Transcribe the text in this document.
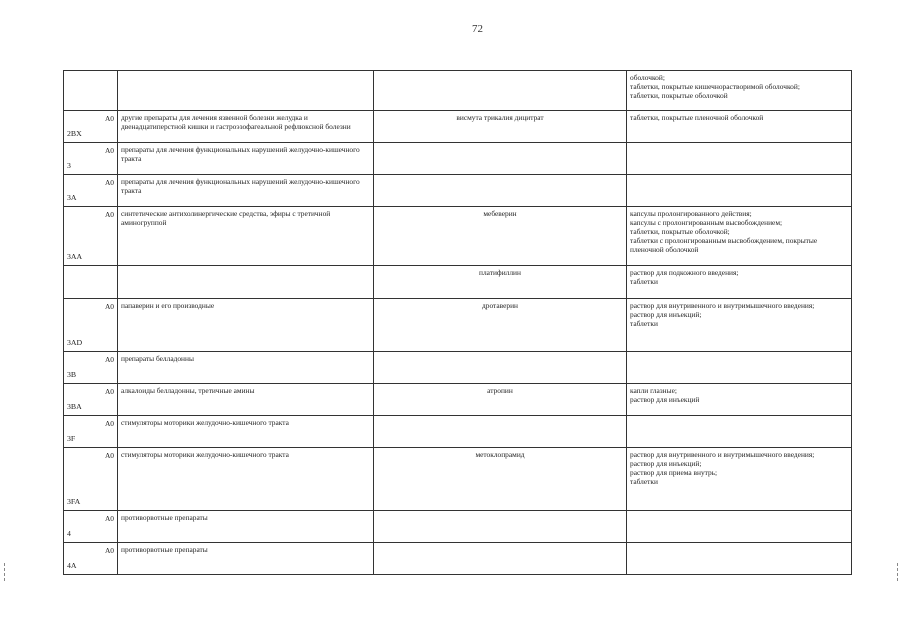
72

			оболочкой;
таблетки, покрытые кишечнорастворимой оболочкой;
таблетки, покрытые оболочкой

A0
2BX	другие препараты для лечения язвенной болезни желудка и двенадцатиперстной кишки и гастроэзофагеальной рефлюксной болезни	висмута трикалия дицитрат	таблетки, покрытые пленочной оболочкой

A0
3	препараты для лечения функциональных нарушений желудочно-кишечного тракта		

A0
3A	препараты для лечения функциональных нарушений желудочно-кишечного тракта		

A0
3AA	синтетические антихолинергические средства, эфиры с третичной аминогруппой	мебеверин	капсулы пролонгированного действия;
капсулы с пролонгированным высвобождением;
таблетки, покрытые оболочкой;
таблетки с пролонгированным высвобождением, покрытые пленочной оболочкой

		платифиллин	раствор для подкожного введения;
таблетки

A0
3AD	папаверин и его производные	дротаверин	раствор для внутривенного и внутримышечного введения;
раствор для инъекций;
таблетки

A0
3B	препараты белладонны		

A0
3BA	алкалоиды белладонны, третичные амины	атропин	капли глазные;
раствор для инъекций

A0
3F	стимуляторы моторики желудочно-кишечного тракта		

A0
3FA	стимуляторы моторики желудочно-кишечного тракта	метоклопрамид	раствор для внутривенного и внутримышечного введения;
раствор для инъекций;
раствор для приема внутрь;
таблетки

A0
4	противорвотные препараты		

A0
4A	противорвотные препараты		
